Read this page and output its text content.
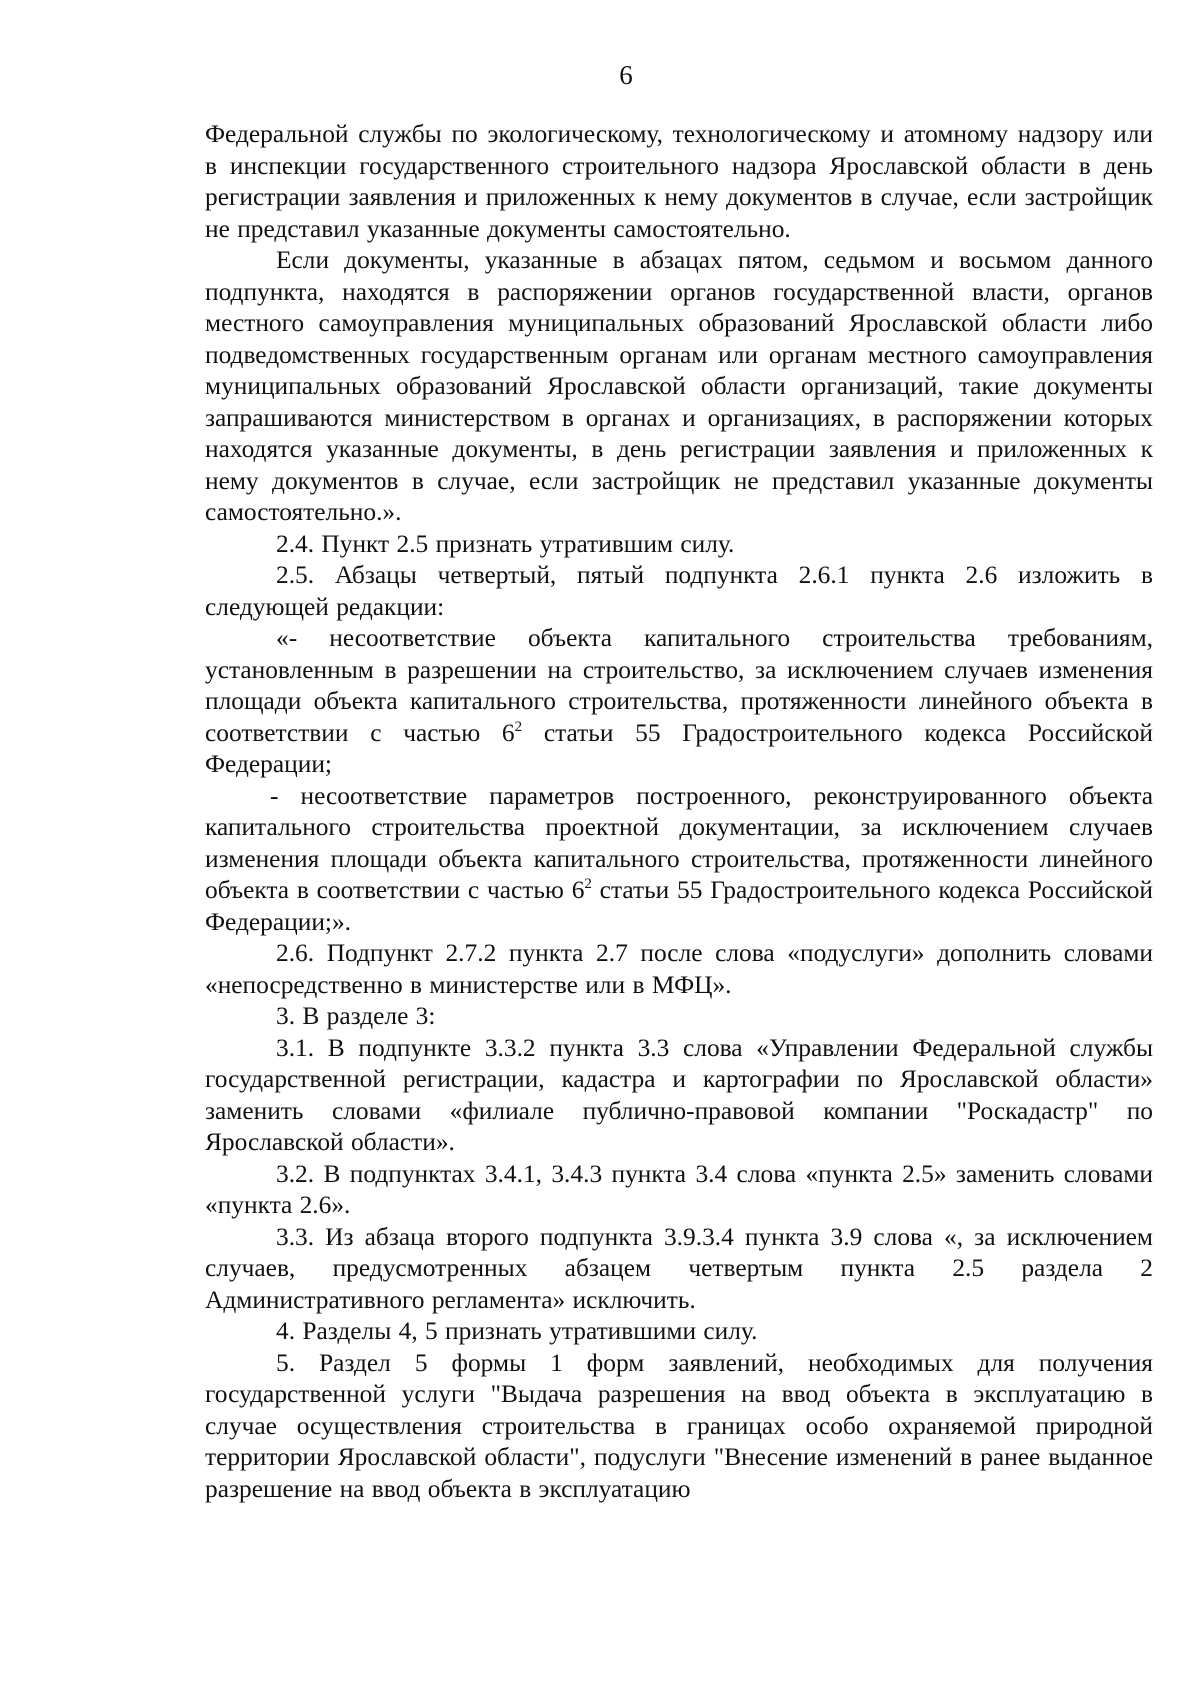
6

Федеральной службы по экологическому, технологическому и атомному надзору или в инспекции государственного строительного надзора Ярославской области в день регистрации заявления и приложенных к нему документов в случае, если застройщик не представил указанные документы самостоятельно.

Если документы, указанные в абзацах пятом, седьмом и восьмом данного подпункта, находятся в распоряжении органов государственной власти, органов местного самоуправления муниципальных образований Ярославской области либо подведомственных государственным органам или органам местного самоуправления муниципальных образований Ярославской области организаций, такие документы запрашиваются министерством в органах и организациях, в распоряжении которых находятся указанные документы, в день регистрации заявления и приложенных к нему документов в случае, если застройщик не представил указанные документы самостоятельно.».

2.4. Пункт 2.5 признать утратившим силу.

2.5. Абзацы четвертый, пятый подпункта 2.6.1 пункта 2.6 изложить в следующей редакции:

«- несоответствие объекта капитального строительства требованиям, установленным в разрешении на строительство, за исключением случаев изменения площади объекта капитального строительства, протяженности линейного объекта в соответствии с частью $6^2$ статьи 55 Градостроительного кодекса Российской Федерации;

- несоответствие параметров построенного, реконструированного объекта капитального строительства проектной документации, за исключением случаев изменения площади объекта капитального строительства, протяженности линейного объекта в соответствии с частью $6^2$ статьи 55 Градостроительного кодекса Российской Федерации;».

2.6. Подпункт 2.7.2 пункта 2.7 после слова «подуслуги» дополнить словами «непосредственно в министерстве или в МФЦ».

3. В разделе 3:

3.1. В подпункте 3.3.2 пункта 3.3 слова «Управлении Федеральной службы государственной регистрации, кадастра и картографии по Ярославской области» заменить словами «филиале публично-правовой компании "Роскадастр" по Ярославской области».

3.2. В подпунктах 3.4.1, 3.4.3 пункта 3.4 слова «пункта 2.5» заменить словами «пункта 2.6».

3.3. Из абзаца второго подпункта 3.9.3.4 пункта 3.9 слова «, за исключением случаев, предусмотренных абзацем четвертым пункта 2.5 раздела 2 Административного регламента» исключить.

4. Разделы 4, 5 признать утратившими силу.

5. Раздел 5 формы 1 форм заявлений, необходимых для получения государственной услуги "Выдача разрешения на ввод объекта в эксплуатацию в случае осуществления строительства в границах особо охраняемой природной территории Ярославской области", подуслуги "Внесение изменений в ранее выданное разрешение на ввод объекта в эксплуатацию
